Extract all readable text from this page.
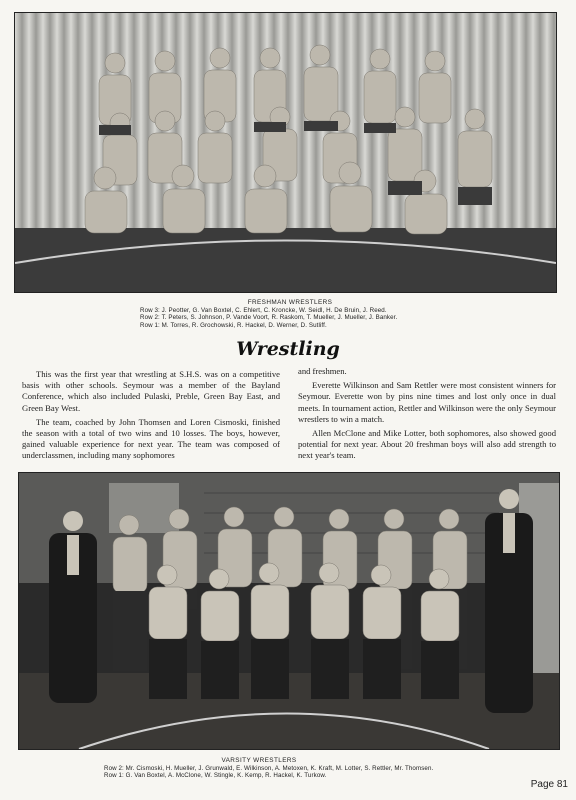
FRESHMAN WRESTLERS
Row 3: J. Peotter, G. Van Boxtel, C. Ehlert, C. Kroncke, W. Seidl, H. De Bruin, J. Reed.
Row 2: T. Peters, S. Johnson, P. Vande Voort, R. Raskom, T. Mueller, J. Mueller, J. Banker.
Row 1: M. Torres, R. Grochowski, R. Hackel, D. Werner, D. Sutliff.
Wrestling

This was the first year that wrestling at S.H.S. was on a competitive basis with other schools. Seymour was a member of the Bayland Conference, which also included Pulaski, Preble, Green Bay East, and Green Bay West.

The team, coached by John Thomsen and Loren Cismoski, finished the season with a total of two wins and 10 losses. The boys, however, gained valuable experience for next year. The team was composed of underclassmen, including many sophomores

and freshmen.

Everette Wilkinson and Sam Rettler were most consistent winners for Seymour. Everette won by pins nine times and lost only once in dual meets. In tournament action, Rettler and Wilkinson were the only Seymour wrestlers to win a match.

Allen McClone and Mike Lotter, both sophomores, also showed good potential for next year. About 20 freshman boys will also add strength to next year's team.

VARSITY WRESTLERS
Row 2: Mr. Cismoski, H. Mueller, J. Grunwald, E. Wilkinson, A. Metoxen, K. Kraft, M. Lotter, S. Rettler, Mr. Thomsen.
Row 1: G. Van Boxtel, A. McClone, W. Stingle, K. Kemp, R. Hackel, K. Turkow.
Page 81
